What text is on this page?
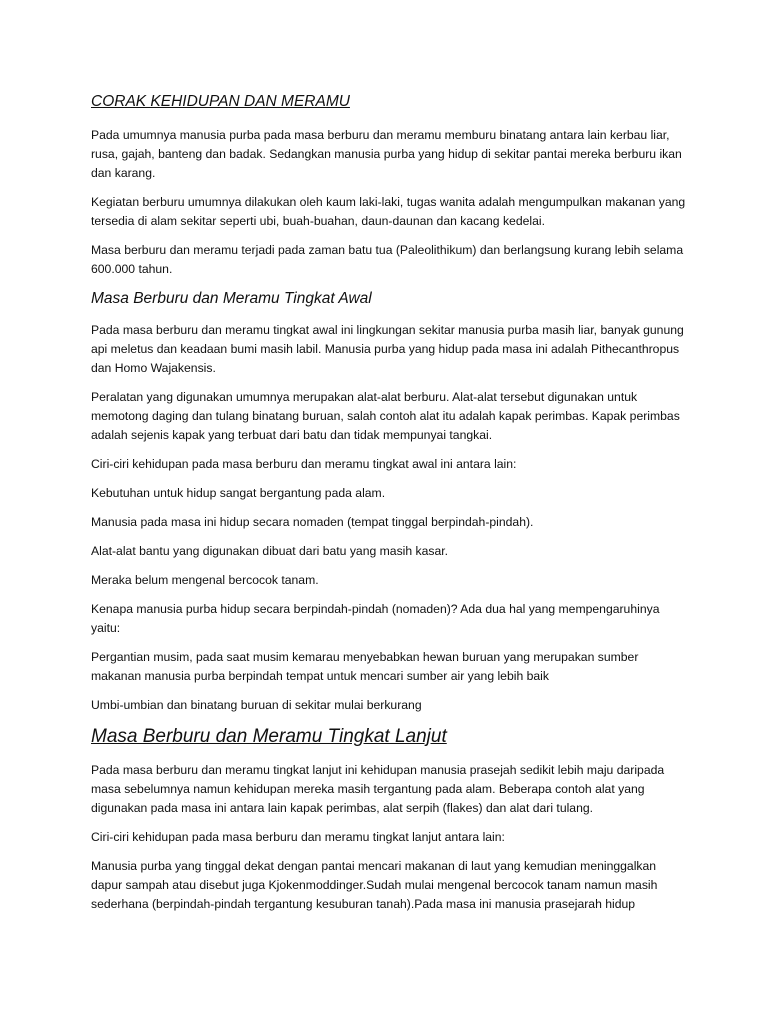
CORAK KEHIDUPAN DAN MERAMU

Pada umumnya manusia purba pada masa berburu dan meramu memburu binatang antara lain kerbau liar, rusa, gajah, banteng dan badak. Sedangkan manusia purba yang hidup di sekitar pantai mereka berburu ikan dan karang.

Kegiatan berburu umumnya dilakukan oleh kaum laki-laki, tugas wanita adalah mengumpulkan makanan yang tersedia di alam sekitar seperti ubi, buah-buahan, daun-daunan dan kacang kedelai.

Masa berburu dan meramu terjadi pada zaman batu tua (Paleolithikum) dan berlangsung kurang lebih selama 600.000 tahun.

Masa Berburu dan Meramu Tingkat Awal

Pada masa berburu dan meramu tingkat awal ini lingkungan sekitar manusia purba masih liar, banyak gunung api meletus dan keadaan bumi masih labil. Manusia purba yang hidup pada masa ini adalah Pithecanthropus dan Homo Wajakensis.

Peralatan yang digunakan umumnya merupakan alat-alat berburu. Alat-alat tersebut digunakan untuk memotong daging dan tulang binatang buruan, salah contoh alat itu adalah kapak perimbas. Kapak perimbas adalah sejenis kapak yang terbuat dari batu dan tidak mempunyai tangkai.

Ciri-ciri kehidupan pada masa berburu dan meramu tingkat awal ini antara lain:

Kebutuhan untuk hidup sangat bergantung pada alam.

Manusia pada masa ini hidup secara nomaden (tempat tinggal berpindah-pindah).

Alat-alat bantu yang digunakan dibuat dari batu yang masih kasar.

Meraka belum mengenal bercocok tanam.

Kenapa manusia purba hidup secara berpindah-pindah (nomaden)? Ada dua hal yang mempengaruhinya yaitu:

Pergantian musim, pada saat musim kemarau menyebabkan hewan buruan yang merupakan sumber makanan manusia purba berpindah tempat untuk mencari sumber air yang lebih baik

Umbi-umbian dan binatang buruan di sekitar mulai berkurang

Masa Berburu dan Meramu Tingkat Lanjut

Pada masa berburu dan meramu tingkat lanjut ini kehidupan manusia prasejah sedikit lebih maju daripada masa sebelumnya namun kehidupan mereka masih tergantung pada alam. Beberapa contoh alat yang digunakan pada masa ini antara lain kapak perimbas, alat serpih (flakes) dan alat dari tulang.

Ciri-ciri kehidupan pada masa berburu dan meramu tingkat lanjut antara lain:

Manusia purba yang tinggal dekat dengan pantai mencari makanan di laut yang kemudian meninggalkan dapur sampah atau disebut juga Kjokenmoddinger.Sudah mulai mengenal bercocok tanam namun masih sederhana (berpindah-pindah tergantung kesuburan tanah).Pada masa ini manusia prasejarah hidup
